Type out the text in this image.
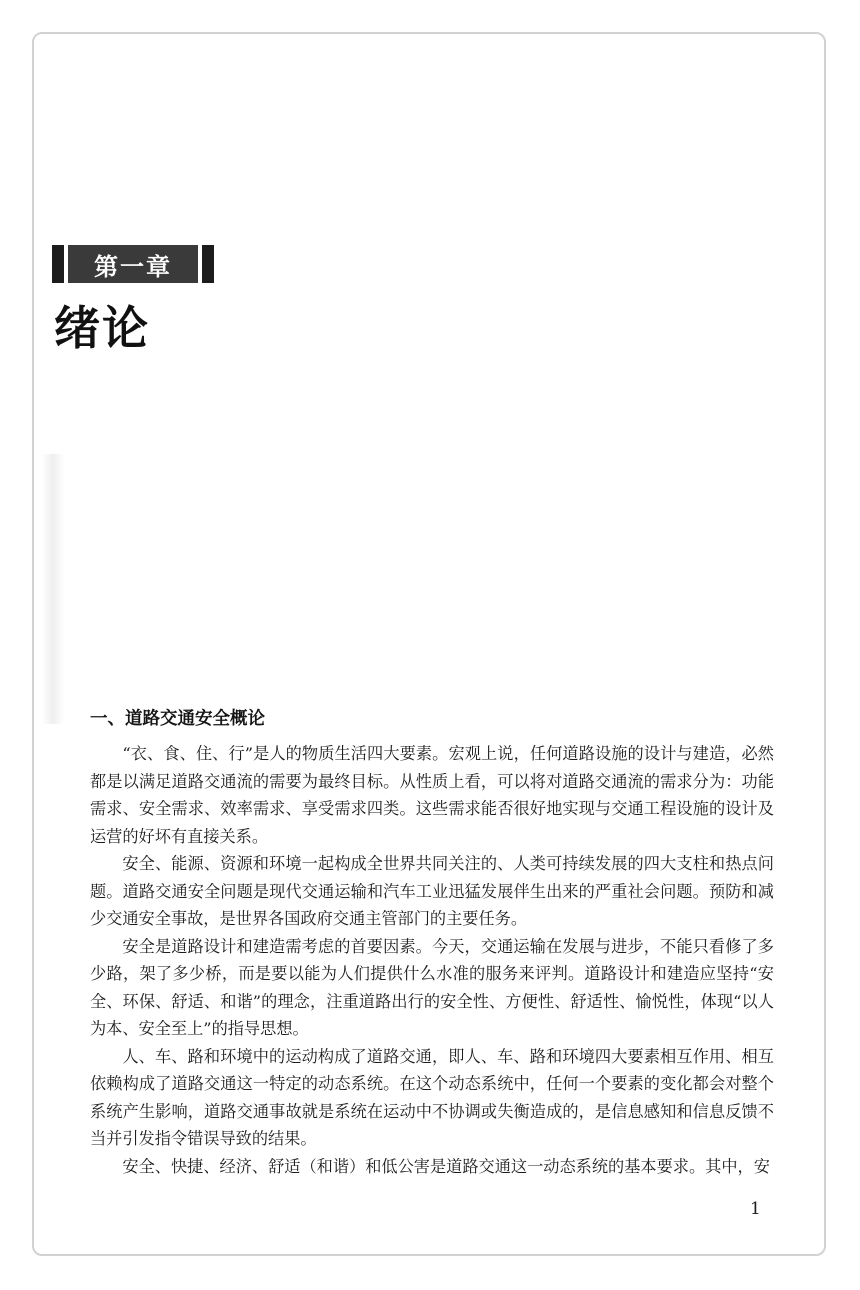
第一章
绪论
一、道路交通安全概论

“衣、食、住、行”是人的物质生活四大要素。宏观上说，任何道路设施的设计与建造，必然都是以满足道路交通流的需要为最终目标。从性质上看，可以将对道路交通流的需求分为：功能需求、安全需求、效率需求、享受需求四类。这些需求能否很好地实现与交通工程设施的设计及运营的好坏有直接关系。

安全、能源、资源和环境一起构成全世界共同关注的、人类可持续发展的四大支柱和热点问题。道路交通安全问题是现代交通运输和汽车工业迅猛发展伴生出来的严重社会问题。预防和减少交通安全事故，是世界各国政府交通主管部门的主要任务。

安全是道路设计和建造需考虑的首要因素。今天，交通运输在发展与进步，不能只看修了多少路，架了多少桥，而是要以能为人们提供什么水准的服务来评判。道路设计和建造应坚持“安全、环保、舒适、和谐”的理念，注重道路出行的安全性、方便性、舒适性、愉悦性，体现“以人为本、安全至上”的指导思想。

人、车、路和环境中的运动构成了道路交通，即人、车、路和环境四大要素相互作用、相互依赖构成了道路交通这一特定的动态系统。在这个动态系统中，任何一个要素的变化都会对整个系统产生影响，道路交通事故就是系统在运动中不协调或失衡造成的，是信息感知和信息反馈不当并引发指令错误导致的结果。

安全、快捷、经济、舒适（和谐）和低公害是道路交通这一动态系统的基本要求。其中，安

1
